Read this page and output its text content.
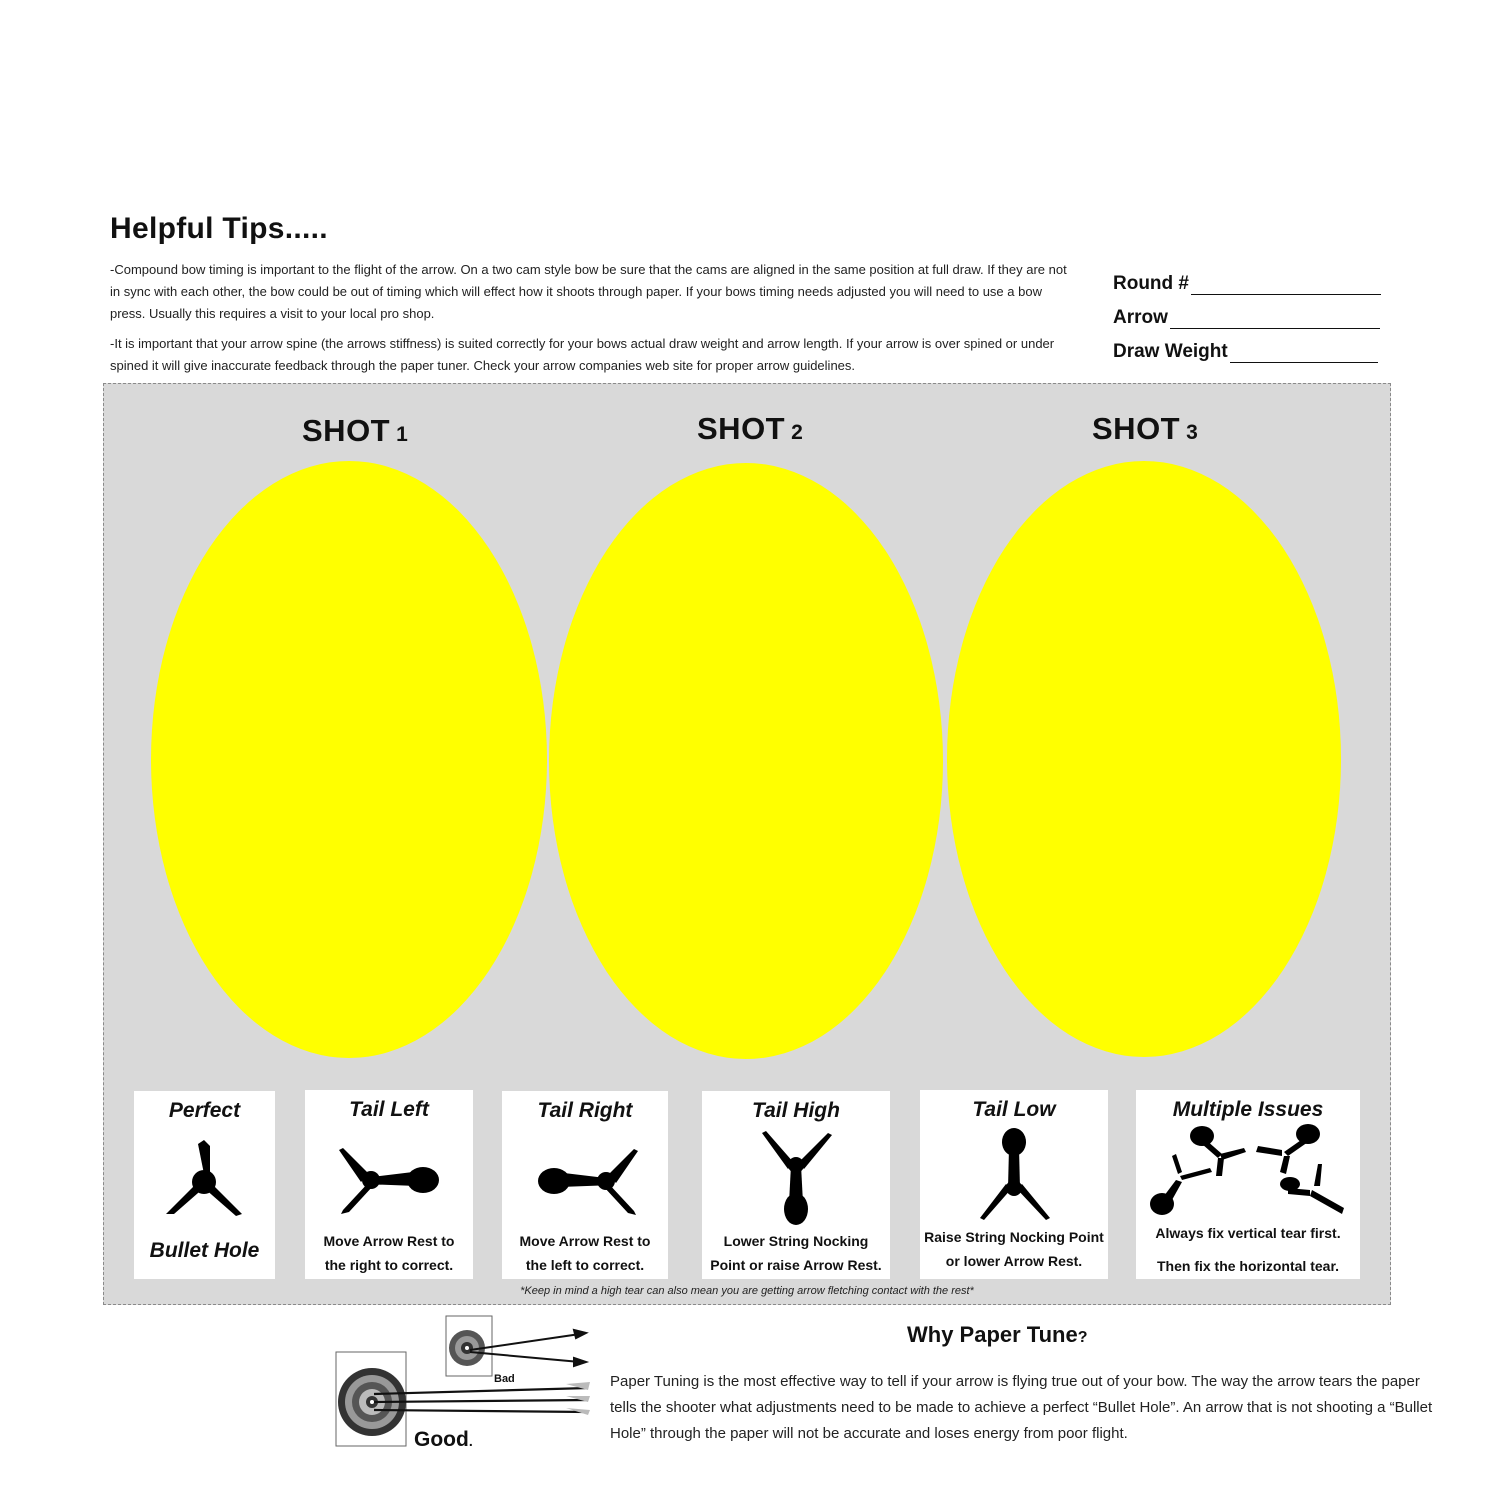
Helpful Tips.....
-Compound bow timing is important to the flight of the arrow. On a two cam style bow be sure that the cams are aligned in the same position at full draw. If they are not in sync with each other, the bow could be out of timing which will effect how it shoots through paper. If your bows timing needs adjusted you will need to use a bow press. Usually this requires a visit to your local pro shop.
-It is important that your arrow spine (the arrows stiffness) is suited correctly for your bows actual draw weight and arrow length. If your arrow is over spined or under spined it will give inaccurate feedback through the paper tuner. Check your arrow companies web site for proper arrow guidelines.
Round #
Arrow
Draw Weight
SHOT 1	SHOT 2	SHOT 3
Perfect
Bullet Hole
Tail Left
Move Arrow Rest to
the right to correct.
Tail Right
Move Arrow Rest to
the left to correct.
Tail High
Lower String Nocking
Point or raise Arrow Rest.
Tail Low
Raise String Nocking Point
or lower Arrow Rest.
Multiple Issues
Always fix vertical tear first.
Then fix the horizontal tear.
*Keep in mind a high tear can also mean you are getting arrow fletching contact with the rest*
Why Paper Tune?
Paper Tuning is the most effective way to tell if your arrow is flying true out of your bow. The way the arrow tears the paper tells the shooter what adjustments need to be made to achieve a perfect “Bullet Hole”. An arrow that is not shooting a “Bullet Hole” through the paper will not be accurate and loses energy from poor flight.
Bad
Good.
